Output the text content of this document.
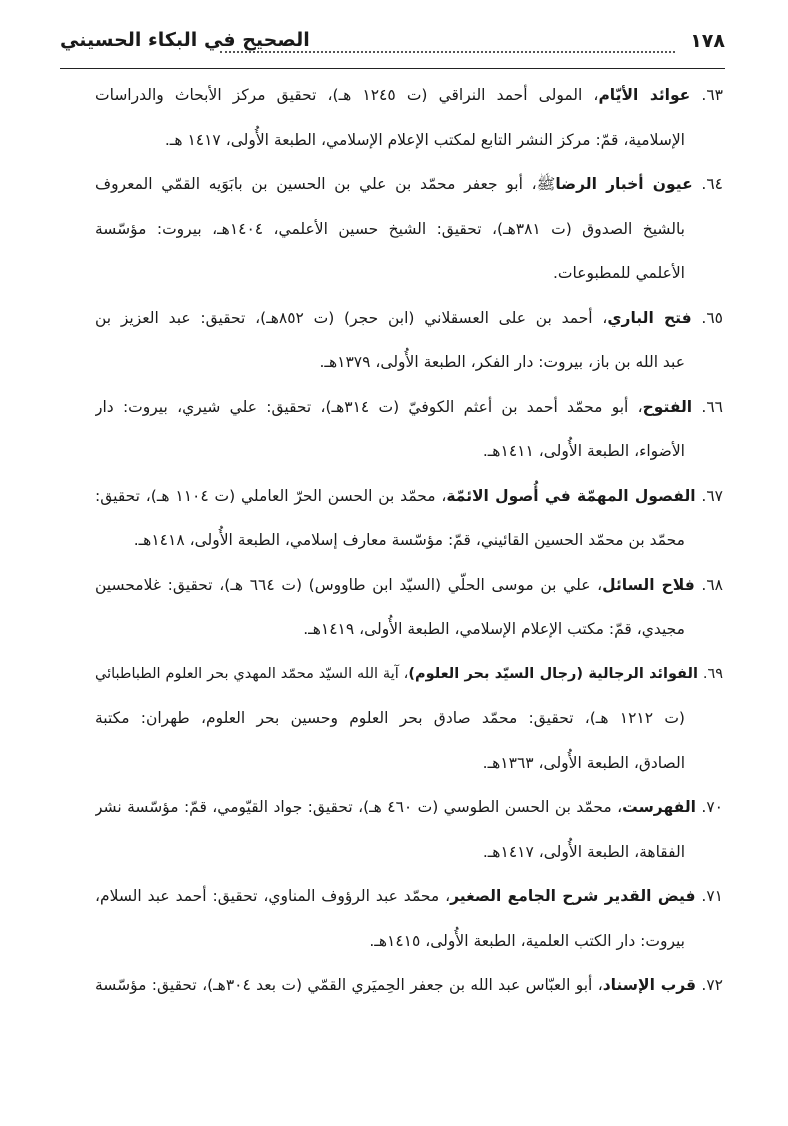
١٧٨
الصحيح في البكاء الحسيني
٦٣. عوائد الأيّام، المولى أحمد النراقي (ت ١٢٤٥ هـ)، تحقيق مركز الأبحاث والدراسات
الإسلامية، قمّ: مركز النشر التابع لمكتب الإعلام الإسلامي، الطبعة الأُولى، ١٤١٧ هـ.
٦٤. عيون أخبار الرضاﷺ، أبو جعفر محمّد بن علي بن الحسين بن بابَوَيه القمّي المعروف
بالشيخ الصدوق (ت ٣٨١هـ)، تحقيق: الشيخ حسين الأعلمي، ١٤٠٤هـ، بيروت: مؤسّسة
الأعلمي للمطبوعات.
٦٥. فتح الباري، أحمد بن على العسقلاني (ابن حجر) (ت ٨٥٢هـ)، تحقيق: عبد العزيز بن
عبد الله بن باز، بيروت: دار الفكر، الطبعة الأُولى، ١٣٧٩هـ.
٦٦. الفتوح، أبو محمّد أحمد بن أعثم الكوفيّ (ت ٣١٤هـ)، تحقيق: علي شيري، بيروت: دار
الأضواء، الطبعة الأُولى، ١٤١١هـ.
٦٧. الفصول المهمّة في أُصول الائمّة، محمّد بن الحسن الحرّ العاملي (ت ١١٠٤ هـ)، تحقيق:
محمّد بن محمّد الحسين القائيني، قمّ: مؤسّسة معارف إسلامي، الطبعة الأُولى، ١٤١٨هـ.
٦٨. فلاح السائل، علي بن موسى الحلّي (السيّد ابن طاووس) (ت ٦٦٤ هـ)، تحقيق: غلامحسين
مجيدي، قمّ: مكتب الإعلام الإسلامي، الطبعة الأُولى، ١٤١٩هـ.
٦٩. الفوائد الرجالية (رجال السيّد بحر العلوم)، آية الله السيّد محمّد المهدي بحر العلوم الطباطبائي
(ت ١٢١٢ هـ)، تحقيق: محمّد صادق بحر العلوم وحسين بحر العلوم، طهران: مكتبة
الصادق، الطبعة الأُولى، ١٣٦٣هـ.
٧٠. الفهرست، محمّد بن الحسن الطوسي (ت ٤٦٠ هـ)، تحقيق: جواد القيّومي، قمّ: مؤسّسة نشر
الفقاهة، الطبعة الأُولى، ١٤١٧هـ.
٧١. فيض القدير شرح الجامع الصغير، محمّد عبد الرؤوف المناوي، تحقيق: أحمد عبد السلام،
بيروت: دار الكتب العلمية، الطبعة الأُولى، ١٤١٥هـ.
٧٢. قرب الإسناد، أبو العبّاس عبد الله بن جعفر الحِميَري القمّي (ت بعد ٣٠٤هـ)، تحقيق: مؤسّسة
